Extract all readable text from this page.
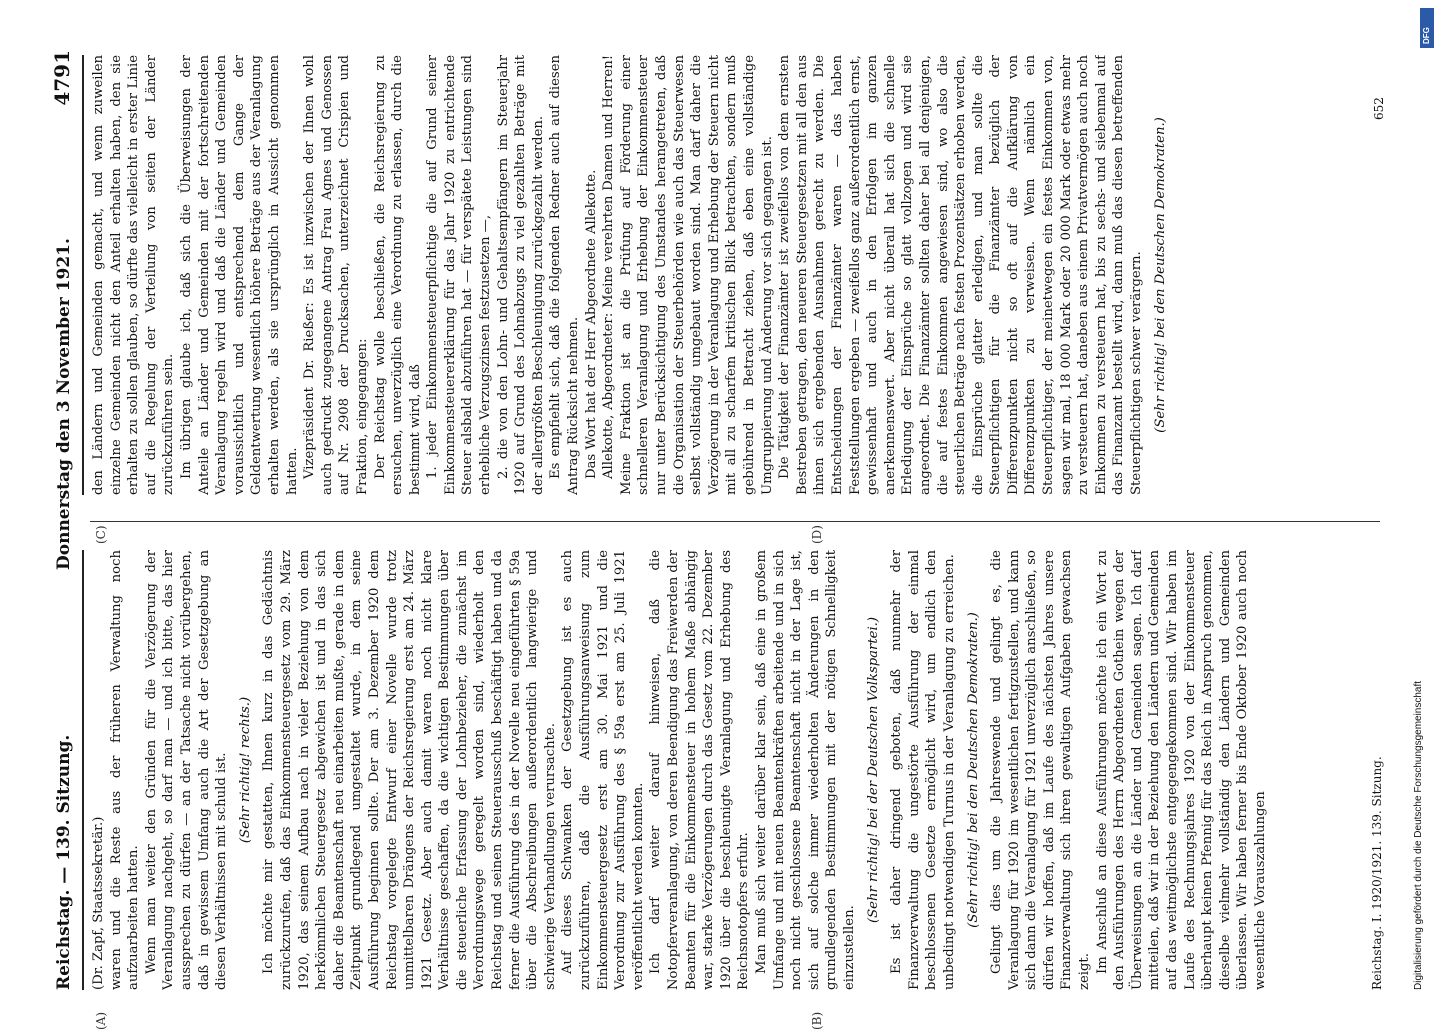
Reichstag. — 139. Sitzung.
Donnerstag den 3 November 1921.
4791
(A)	(B)
(C)	(D)

(Dr. Zapf, Staatssekretär.) waren und die Reste aus der früheren Verwaltung noch aufzuarbeiten hatten. Wenn man weiter den Gründen für die Verzögerung der Veranlagung nachgeht, so darf man — und ich bitte, das hier aussprechen zu dürfen — an der Tatsache nicht vorübergehen, daß in gewissem Umfang auch die Art der Gesetzgebung an diesen Verhältnissen mit schuld ist. (Sehr richtig! rechts.) Ich möchte mir gestatten, Ihnen kurz in das Gedächtnis zurückzurufen, daß das Einkommensteuergesetz vom 29. März 1920, das seinem Aufbau nach in vieler Beziehung von dem herkömmlichen Steuergesetz abgewichen ist und in das sich daher die Beamtenschaft neu einarbeiten mußte, gerade in dem Zeitpunkt grundlegend umgestaltet wurde, in dem seine Ausführung beginnen sollte. Der am 3. Dezember 1920 dem Reichstag vorgelegte Entwurf einer Novelle wurde trotz unmittelbaren Drängens der Reichsregierung erst am 24. März 1921 Gesetz. Aber auch damit waren noch nicht klare Verhältnisse geschaffen, da die wichtigen Bestimmungen über die steuerliche Erfassung der Lohnbezieher, die zunächst im Verordnungswege geregelt worden sind, wiederholt den Reichstag und seinen Steuerausschuß beschäftigt haben und da ferner die Ausführung des in der Novelle neu eingeführten § 59a über die Abschreibungen außerordentlich langwierige und schwierige Verhandlungen verursachte. Auf dieses Schwanken der Gesetzgebung ist es auch zurückzuführen, daß die Ausführungsanweisung zum Einkommensteuergesetz erst am 30. Mai 1921 und die Verordnung zur Ausführung des § 59a erst am 25. Juli 1921 veröffentlicht werden konnten. Ich darf weiter darauf hinweisen, daß die Notopferveranlagung, von deren Beendigung das Freiwerden der Beamten für die Einkommensteuer in hohem Maße abhängig war, starke Verzögerungen durch das Gesetz vom 22. Dezember 1920 über die beschleunigte Veranlagung und Erhebung des Reichsnotopfers erfuhr. Man muß sich weiter darüber klar sein, daß eine in großem Umfange und mit neuen Beamtenkräften arbeitende und in sich noch nicht geschlossene Beamtenschaft nicht in der Lage ist, sich auf solche immer wiederholten Änderungen in den grundlegenden Bestimmungen mit der nötigen Schnelligkeit einzustellen.

(Sehr richtig! bei der Deutschen Volkspartei.) Es ist daher dringend geboten, daß nunmehr der Finanzverwaltung die ungestörte Ausführung der einmal beschlossenen Gesetze ermöglicht wird, um endlich den unbedingt notwendigen Turnus in der Veranlagung zu erreichen. (Sehr richtig! bei den Deutschen Demokraten.) Gelingt dies um die Jahreswende und gelingt es, die Veranlagung für 1920 im wesentlichen fertigzustellen, und kann sich dann die Veranlagung für 1921 unverzüglich anschließen, so dürfen wir hoffen, daß im Laufe des nächsten Jahres unsere Finanzverwaltung sich ihren gewaltigen Aufgaben gewachsen zeigt. Im Anschluß an diese Ausführungen möchte ich ein Wort zu den Ausführungen des Herrn Abgeordneten Gothein wegen der Überweisungen an die Länder und Gemeinden sagen. Ich darf mitteilen, daß wir in der Beziehung den Ländern und Gemeinden auf das weitmöglichste entgegengekommen sind. Wir haben im Laufe des Rechnungsjahres 1920 von der Einkommensteuer überhaupt keinen Pfennig für das Reich in Anspruch genommen, dieselbe vielmehr vollständig den Ländern und Gemeinden überlassen. Wir haben ferner bis Ende Oktober 1920 auch noch wesentliche Vorauszahlungen

den Ländern und Gemeinden gemacht, und wenn zuweilen einzelne Gemeinden nicht den Anteil erhalten haben, den sie erhalten zu sollen glauben, so dürfte das vielleicht in erster Linie auf die Regelung der Verteilung von seiten der Länder zurückzuführen sein. Im übrigen glaube ich, daß sich die Überweisungen der Anteile an Länder und Gemeinden mit der fortschreitenden Veranlagung regeln wird und daß die Länder und Gemeinden voraussichtlich und entsprechend dem Gange der Geldentwertung wesentlich höhere Beträge aus der Veranlagung erhalten werden, als sie ursprünglich in Aussicht genommen hatten. Vizepräsident Dr. Rießer: Es ist inzwischen der Ihnen wohl auch gedruckt zugegangene Antrag Frau Agnes und Genossen auf Nr. 2908 der Drucksachen, unterzeichnet Crispien und Fraktion, eingegangen: Der Reichstag wolle beschließen, die Reichsregierung zu ersuchen, unverzüglich eine Verordnung zu erlassen, durch die bestimmt wird, daß 1. jeder Einkommensteuerpflichtige die auf Grund seiner Einkommensteuererklärung für das Jahr 1920 zu entrichtende Steuer alsbald abzuführen hat — für verspätete Leistungen sind erhebliche Verzugszinsen festzusetzen —, 2. die von den Lohn- und Gehaltsempfängern im Steuerjahr 1920 auf Grund des Lohnabzugs zu viel gezahlten Beträge mit der allergrößten Beschleunigung zurückgezahlt werden. Es empfiehlt sich, daß die folgenden Redner auch auf diesen Antrag Rücksicht nehmen. Das Wort hat der Herr Abgeordnete Allekotte. Allekotte, Abgeordneter: Meine verehrten Damen und Herren! Meine Fraktion ist an die Prüfung auf Förderung einer schnelleren Veranlagung und Erhebung der Einkommensteuer nur unter Berücksichtigung des Umstandes herangetreten, daß die Organisation der Steuerbehörden wie auch das Steuerwesen selbst vollständig umgebaut worden sind. Man darf daher die Verzögerung in der Veranlagung und Erhebung der Steuern nicht mit all zu scharfem kritischen Blick betrachten, sondern muß gebührend in Betracht ziehen, daß eben eine vollständige Umgruppierung und Änderung vor sich gegangen ist. Die Tätigkeit der Finanzämter ist zweifellos von dem ernsten Bestreben getragen, den neueren Steuergesetzen mit all den aus ihnen sich ergebenden Ausnahmen gerecht zu werden. Die Entscheidungen der Finanzämter waren — das haben Feststellungen ergeben — zweifellos ganz außerordentlich ernst, gewissenhaft und auch in den Erfolgen im ganzen anerkennenswert. Aber nicht überall hat sich die schnelle Erledigung der Einsprüche so glatt vollzogen und wird sie angeordnet. Die Finanzämter sollten daher bei all denjenigen, die auf festes Einkommen angewiesen sind, wo also die steuerlichen Beträge nach festen Prozentsätzen erhoben werden, die Einsprüche glatter erledigen, und man sollte die Steuerpflichtigen für die Finanzämter bezüglich der Differenzpunkten nicht so oft auf die Aufklärung von Differenzpunkten zu verweisen. Wenn nämlich ein Steuerpflichtiger, der meinetwegen ein festes Einkommen von, sagen wir mal, 18 000 Mark oder 20 000 Mark oder etwas mehr zu versteuern hat, daneben aus einem Privatvermögen auch noch Einkommen zu versteuern hat, bis zu sechs- und siebenmal auf das Finanzamt bestellt wird, dann muß das diesen betreffenden Steuerpflichtigen schwer verärgern. (Sehr richtig! bei den Deutschen Demokraten.)

Reichstag. I. 1920/1921. 139. Sitzung.
652
Digitalisierung gefördert durch die Deutsche Forschungsgemeinschaft
DFG
